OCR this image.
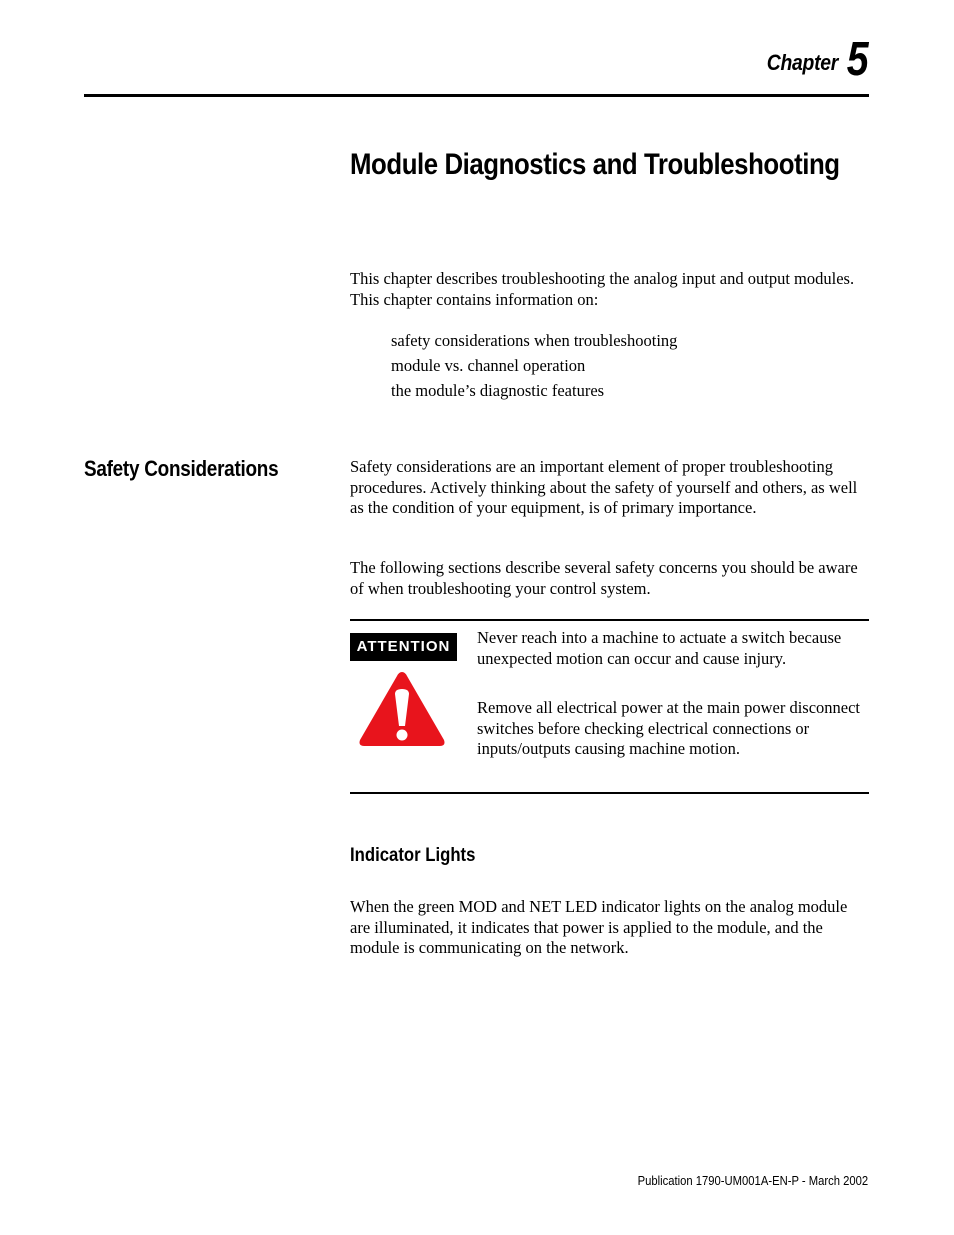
Chapter 5
Module Diagnostics and Troubleshooting

This chapter describes troubleshooting the analog input and output modules. This chapter contains information on:

safety considerations when troubleshooting
module vs. channel operation
the module’s diagnostic features
Safety Considerations	Safety considerations are an important element of proper troubleshooting procedures. Actively thinking about the safety of yourself and others, as well as the condition of your equipment, is of primary importance.

The following sections describe several safety concerns you should be aware of when troubleshooting your control system.

ATTENTION	Never reach into a machine to actuate a switch because unexpected motion can occur and cause injury.

Remove all electrical power at the main power disconnect switches before checking electrical connections or inputs/outputs causing machine motion.

Indicator Lights

When the green MOD and NET LED indicator lights on the analog module are illuminated, it indicates that power is applied to the module, and the module is communicating on the network.

Publication 1790-UM001A-EN-P - March 2002
